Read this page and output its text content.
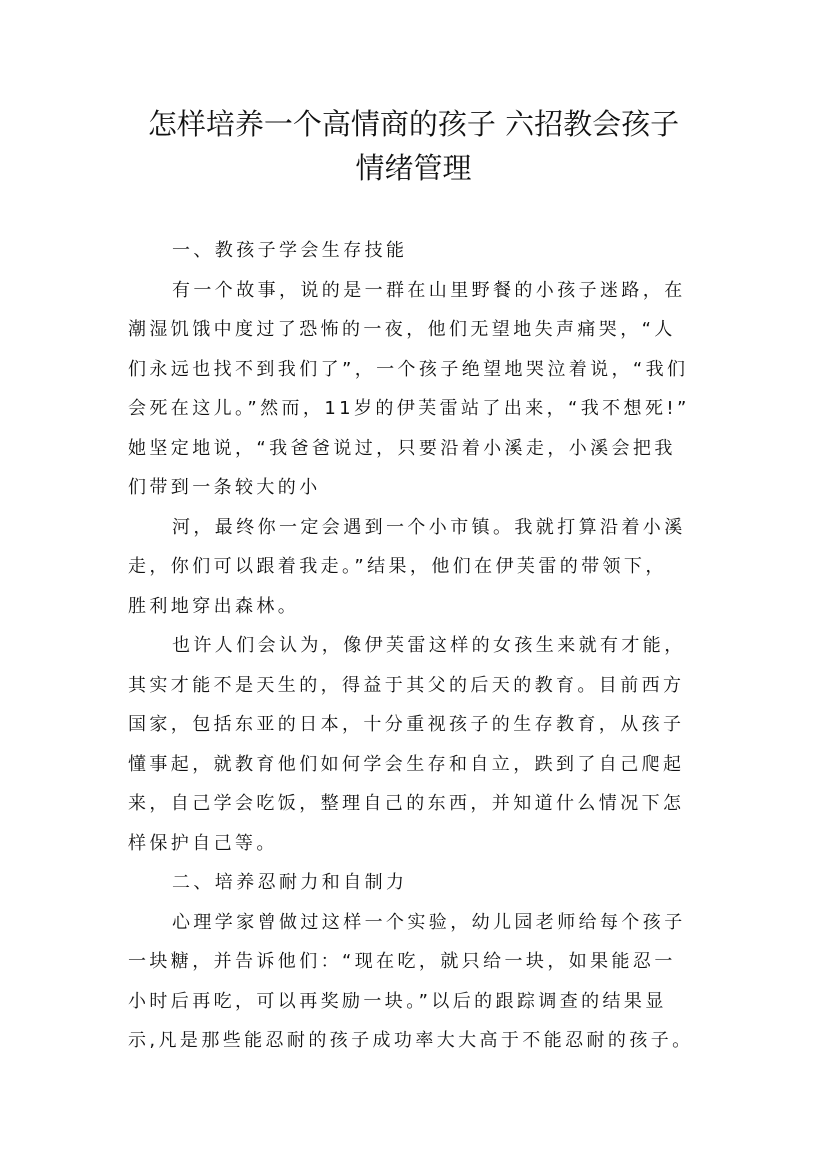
怎样培养一个高情商的孩子 六招教会孩子
情绪管理
一、教孩子学会生存技能
有一个故事，说的是一群在山里野餐的小孩子迷路，在
潮湿饥饿中度过了恐怖的一夜，他们无望地失声痛哭，“人
们永远也找不到我们了”，一个孩子绝望地哭泣着说，“我们
会死在这儿。”然而，11岁的伊芙雷站了出来，“我不想死!”
她坚定地说，“我爸爸说过，只要沿着小溪走，小溪会把我
们带到一条较大的小
河，最终你一定会遇到一个小市镇。我就打算沿着小溪
走，你们可以跟着我走。”结果，他们在伊芙雷的带领下，
胜利地穿出森林。
也许人们会认为，像伊芙雷这样的女孩生来就有才能，
其实才能不是天生的，得益于其父的后天的教育。目前西方
国家，包括东亚的日本，十分重视孩子的生存教育，从孩子
懂事起，就教育他们如何学会生存和自立，跌到了自己爬起
来，自己学会吃饭，整理自己的东西，并知道什么情况下怎
样保护自己等。
二、培养忍耐力和自制力
心理学家曾做过这样一个实验，幼儿园老师给每个孩子
一块糖，并告诉他们：“现在吃，就只给一块，如果能忍一
小时后再吃，可以再奖励一块。”以后的跟踪调查的结果显
示,凡是那些能忍耐的孩子成功率大大高于不能忍耐的孩子。
